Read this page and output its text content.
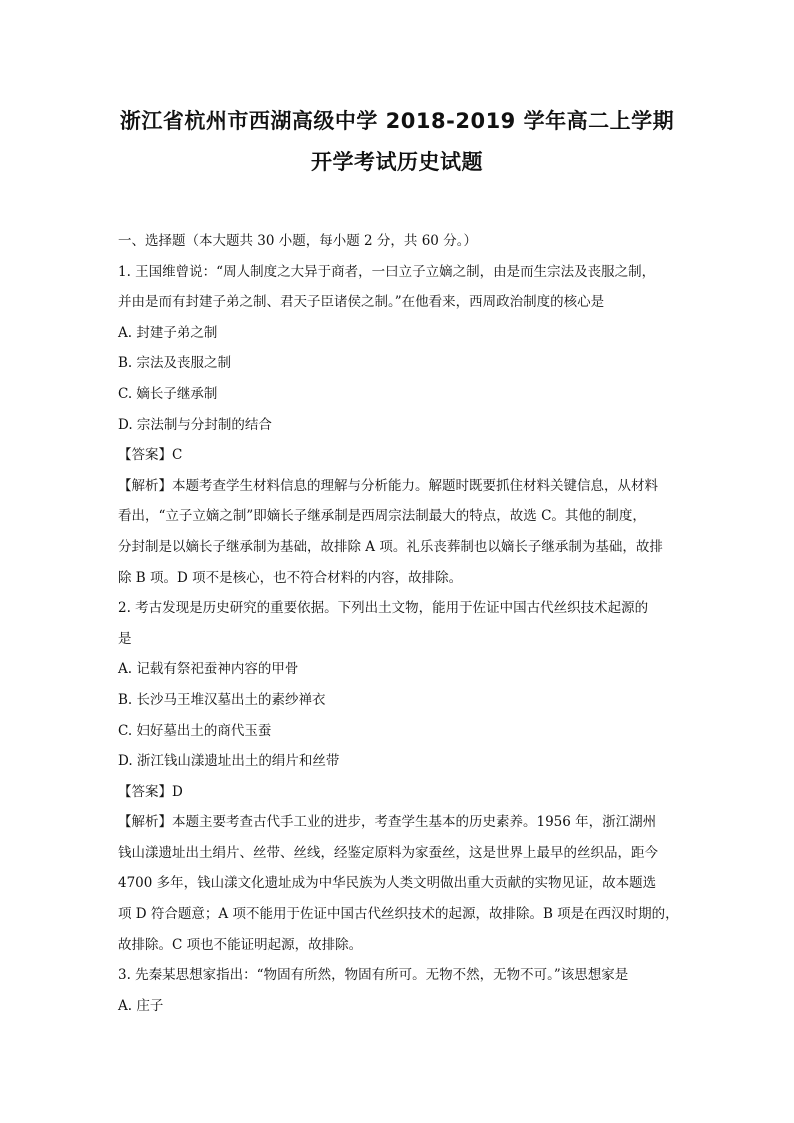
浙江省杭州市西湖高级中学 2018-2019 学年高二上学期
开学考试历史试题

一、选择题（本大题共 30 小题，每小题 2 分，共 60 分。）

1. 王国维曾说：“周人制度之大异于商者，一曰立子立嫡之制，由是而生宗法及丧服之制，

并由是而有封建子弟之制、君天子臣诸侯之制。”在他看来，西周政治制度的核心是

A. 封建子弟之制

B. 宗法及丧服之制

C. 嫡长子继承制

D. 宗法制与分封制的结合

【答案】C

【解析】本题考查学生材料信息的理解与分析能力。解题时既要抓住材料关键信息，从材料

看出，“立子立嫡之制”即嫡长子继承制是西周宗法制最大的特点，故选 C。其他的制度，

分封制是以嫡长子继承制为基础，故排除 A 项。礼乐丧葬制也以嫡长子继承制为基础，故排

除 B 项。D 项不是核心，也不符合材料的内容，故排除。

2. 考古发现是历史研究的重要依据。下列出土文物，能用于佐证中国古代丝织技术起源的

是

A. 记载有祭祀蚕神内容的甲骨

B. 长沙马王堆汉墓出土的素纱禅衣

C. 妇好墓出土的商代玉蚕

D. 浙江钱山漾遗址出土的绢片和丝带

【答案】D

【解析】本题主要考查古代手工业的进步，考查学生基本的历史素养。1956 年，浙江湖州

钱山漾遗址出土绢片、丝带、丝线，经鉴定原料为家蚕丝，这是世界上最早的丝织品，距今

4700 多年，钱山漾文化遗址成为中华民族为人类文明做出重大贡献的实物见证，故本题选

项 D 符合题意；A 项不能用于佐证中国古代丝织技术的起源，故排除。B 项是在西汉时期的，

故排除。C 项也不能证明起源，故排除。

3. 先秦某思想家指出：“物固有所然，物固有所可。无物不然，无物不可。”该思想家是

A. 庄子
